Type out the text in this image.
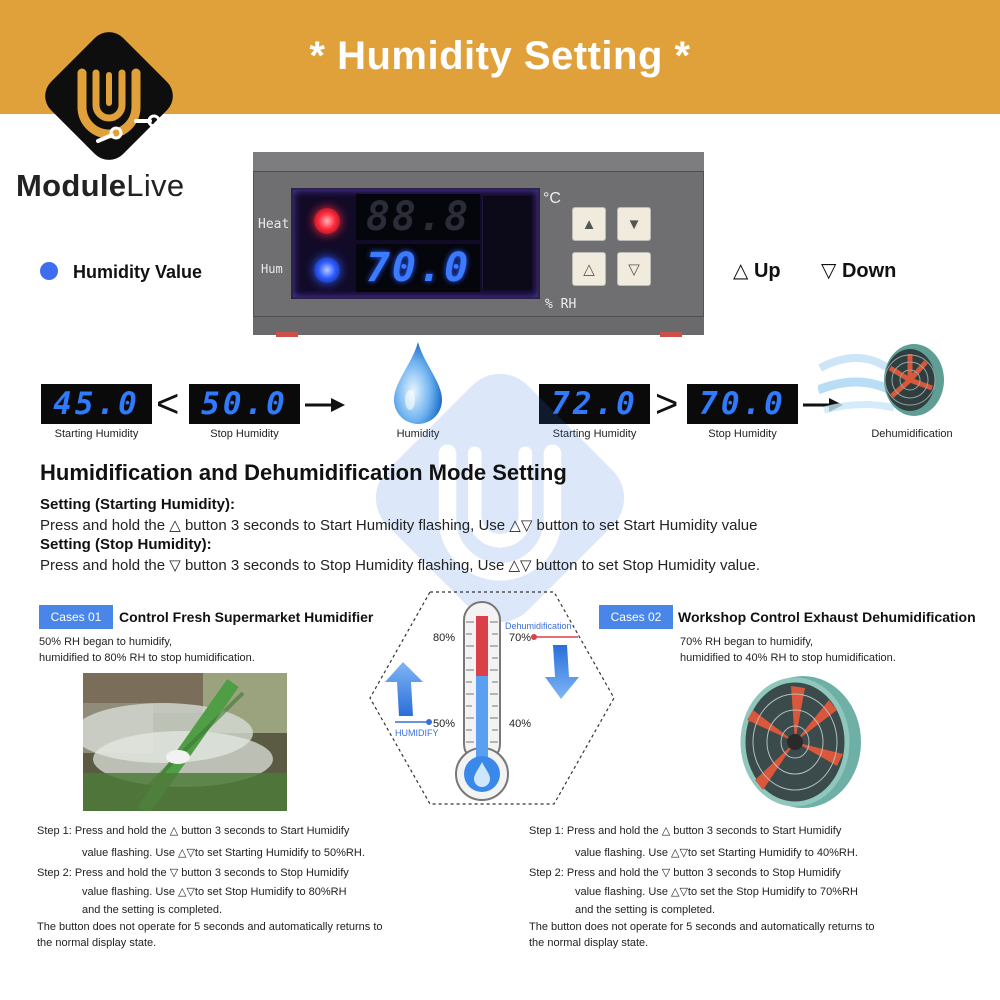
* Humidity Setting *
ModuleLive
Heat
Hum
88.8
70.0
°C
% RH
▲ ▼
△ ▽
Humidity Value	△ Up ▽ Down
45.0 < 50.0
Starting Humidity	Stop Humidity	Humidity
72.0 > 70.0
Starting Humidity	Stop Humidity	Dehumidification
Humidification and Dehumidification Mode Setting
Setting (Starting Humidity):
Press and hold the △ button 3 seconds to Start Humidity flashing, Use △▽ button to set Start Humidity value
Setting (Stop Humidity):
Press and hold the ▽ button 3 seconds to Stop Humidity flashing, Use △▽ button to set Stop Humidity value.
Cases 01	Control Fresh Supermarket Humidifier
50% RH began to humidify,
humidified to 80% RH to stop humidification.
Step 1: Press and hold the △ button 3 seconds to Start Humidify
value flashing. Use △▽to set Starting Humidify to 50%RH.
Step 2: Press and hold the ▽ button 3 seconds to Stop Humidify
value flashing. Use △▽to set Stop Humidify to 80%RH
and the setting is completed.
The button does not operate for 5 seconds and automatically returns to
the normal display state.
80%
50%
70%
40%
Dehumidification
HUMIDIFY
Cases 02	Workshop Control Exhaust Dehumidification
70% RH began to humidify,
humidified to 40% RH to stop humidification.
Step 1: Press and hold the △ button 3 seconds to Start Humidify
value flashing. Use △▽to set Starting Humidify to 40%RH.
Step 2: Press and hold the ▽ button 3 seconds to Stop Humidify
value flashing. Use △▽to set the Stop Humidify to 70%RH
and the setting is completed.
The button does not operate for 5 seconds and automatically returns to
the normal display state.
